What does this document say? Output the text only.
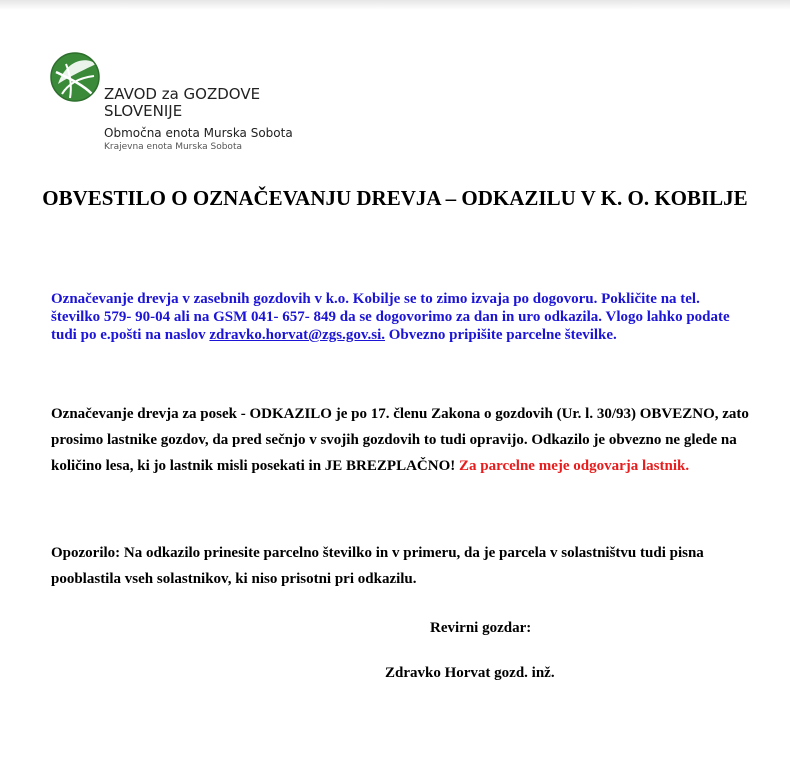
ZAVOD za GOZDOVE
SLOVENIJE
Območna enota Murska Sobota
Krajevna enota Murska Sobota
OBVESTILO O OZNAČEVANJU DREVJA – ODKAZILU V K. O. KOBILJE
Označevanje drevja v zasebnih gozdovih v k.o. Kobilje se to zimo izvaja po dogovoru. Pokličite na tel. številko 579- 90-04 ali na GSM 041- 657- 849 da se dogovorimo za dan in uro odkazila. Vlogo lahko podate tudi po e.pošti na naslov zdravko.horvat@zgs.gov.si. Obvezno pripišite parcelne številke.
Označevanje drevja za posek - ODKAZILO je po 17. členu Zakona o gozdovih (Ur. l. 30/93) OBVEZNO, zato prosimo lastnike gozdov, da pred sečnjo v svojih gozdovih to tudi opravijo. Odkazilo je obvezno ne glede na količino lesa, ki jo lastnik misli posekati in JE BREZPLAČNO! Za parcelne meje odgovarja lastnik.
Opozorilo: Na odkazilo prinesite parcelno številko in v primeru, da je parcela v solastništvu tudi pisna pooblastila vseh solastnikov, ki niso prisotni pri odkazilu.
Revirni gozdar:
Zdravko Horvat gozd. inž.
